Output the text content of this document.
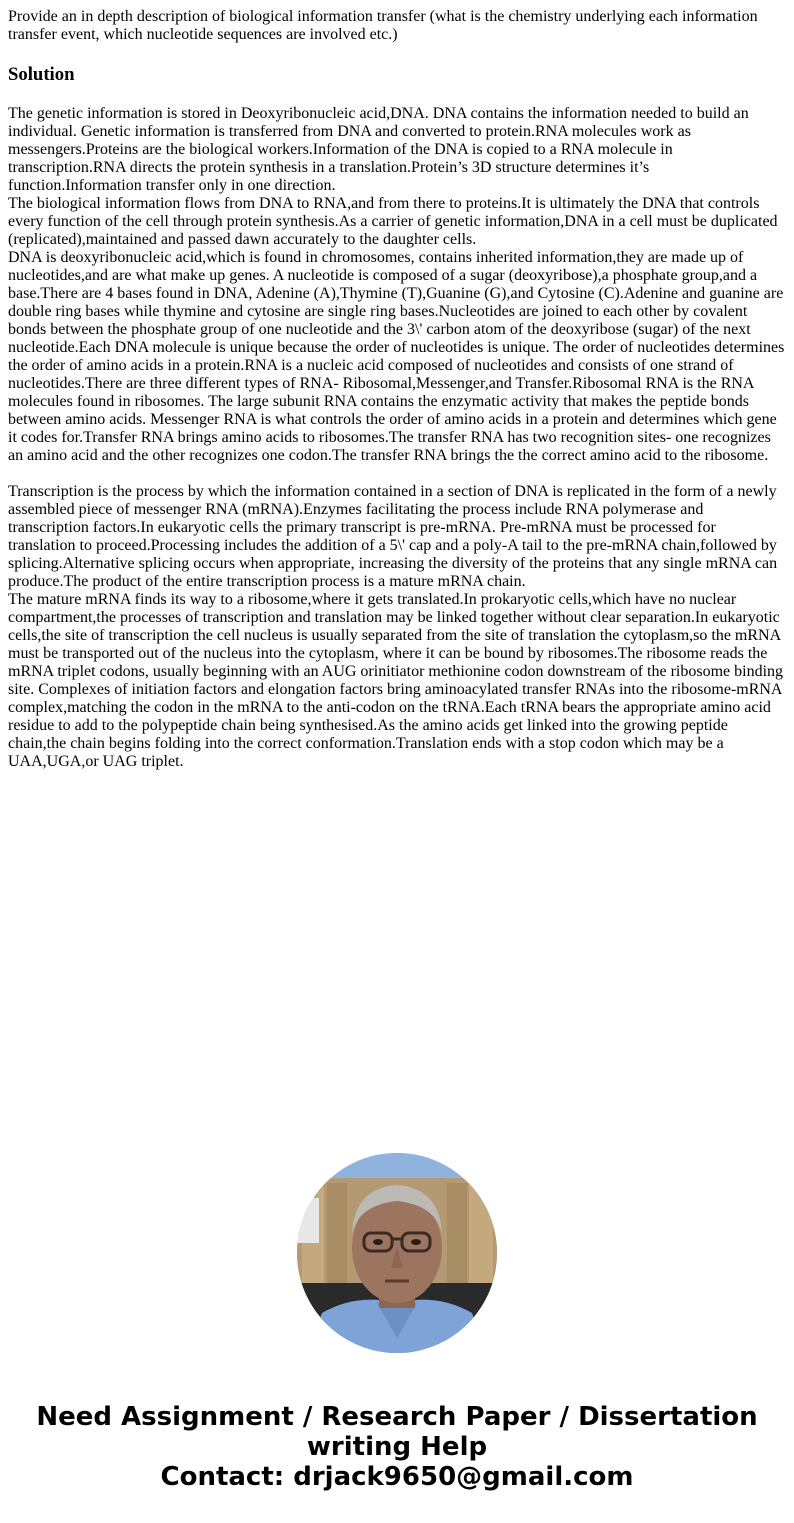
Provide an in depth description of biological information transfer (what is the chemistry underlying each information transfer event, which nucleotide sequences are involved etc.)

Solution

The genetic information is stored in Deoxyribonucleic acid,DNA. DNA contains the information needed to build an individual. Genetic information is transferred from DNA and converted to protein.RNA molecules work as messengers.Proteins are the biological workers.Information of the DNA is copied to a RNA molecule in transcription.RNA directs the protein synthesis in a translation.Protein’s 3D structure determines it’s function.Information transfer only in one direction.

The biological information flows from DNA to RNA,and from there to proteins.It is ultimately the DNA that controls every function of the cell through protein synthesis.As a carrier of genetic information,DNA in a cell must be duplicated (replicated),maintained and passed dawn accurately to the daughter cells.

DNA is deoxyribonucleic acid,which is found in chromosomes, contains inherited information,they are made up of nucleotides,and are what make up genes. A nucleotide is composed of a sugar (deoxyribose),a phosphate group,and a base.There are 4 bases found in DNA, Adenine (A),Thymine (T),Guanine (G),and Cytosine (C).Adenine and guanine are double ring bases while thymine and cytosine are single ring bases.Nucleotides are joined to each other by covalent bonds between the phosphate group of one nucleotide and the 3\' carbon atom of the deoxyribose (sugar) of the next nucleotide.Each DNA molecule is unique because the order of nucleotides is unique. The order of nucleotides determines the order of amino acids in a protein.RNA is a nucleic acid composed of nucleotides and consists of one strand of nucleotides.There are three different types of RNA- Ribosomal,Messenger,and Transfer.Ribosomal RNA is the RNA molecules found in ribosomes. The large subunit RNA contains the enzymatic activity that makes the peptide bonds between amino acids. Messenger RNA is what controls the order of amino acids in a protein and determines which gene it codes for.Transfer RNA brings amino acids to ribosomes.The transfer RNA has two recognition sites- one recognizes an amino acid and the other recognizes one codon.The transfer RNA brings the the correct amino acid to the ribosome.

Transcription is the process by which the information contained in a section of DNA is replicated in the form of a newly assembled piece of messenger RNA (mRNA).Enzymes facilitating the process include RNA polymerase and transcription factors.In eukaryotic cells the primary transcript is pre-mRNA. Pre-mRNA must be processed for translation to proceed.Processing includes the addition of a 5\' cap and a poly-A tail to the pre-mRNA chain,followed by splicing.Alternative splicing occurs when appropriate, increasing the diversity of the proteins that any single mRNA can produce.The product of the entire transcription process is a mature mRNA chain.

The mature mRNA finds its way to a ribosome,where it gets translated.In prokaryotic cells,which have no nuclear compartment,the processes of transcription and translation may be linked together without clear separation.In eukaryotic cells,the site of transcription the cell nucleus is usually separated from the site of translation the cytoplasm,so the mRNA must be transported out of the nucleus into the cytoplasm, where it can be bound by ribosomes.The ribosome reads the mRNA triplet codons, usually beginning with an AUG orinitiator methionine codon downstream of the ribosome binding site. Complexes of initiation factors and elongation factors bring aminoacylated transfer RNAs into the ribosome-mRNA complex,matching the codon in the mRNA to the anti-codon on the tRNA.Each tRNA bears the appropriate amino acid residue to add to the polypeptide chain being synthesised.As the amino acids get linked into the growing peptide chain,the chain begins folding into the correct conformation.Translation ends with a stop codon which may be a UAA,UGA,or UAG triplet.

Need Assignment / Research Paper / Dissertation
writing Help
Contact: drjack9650@gmail.com
